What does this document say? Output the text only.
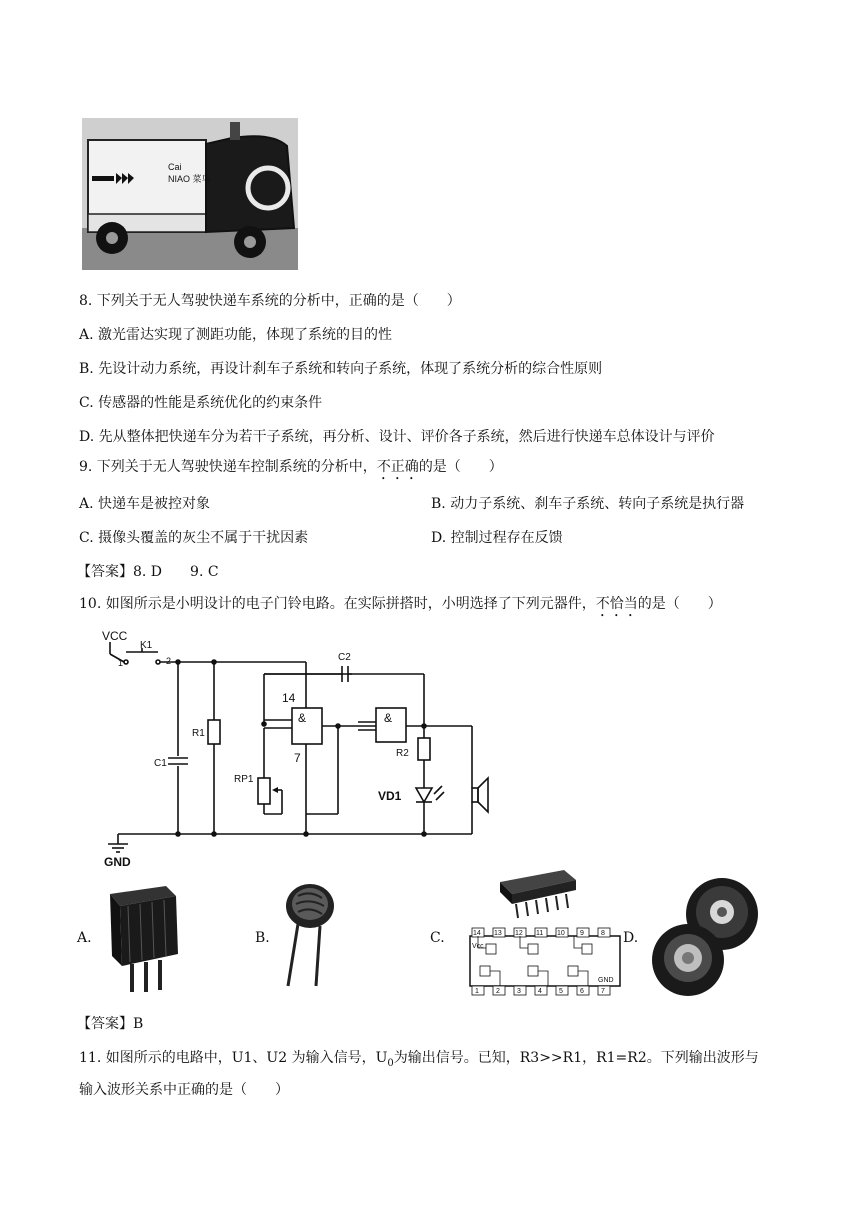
Cai
NIAO 菜鸟
8. 下列关于无人驾驶快递车系统的分析中，正确的是（　　）
A. 激光雷达实现了测距功能，体现了系统的目的性
B. 先设计动力系统，再设计刹车子系统和转向子系统，体现了系统分析的综合性原则
C. 传感器的性能是系统优化的约束条件
D. 先从整体把快递车分为若干子系统，再分析、设计、评价各子系统，然后进行快递车总体设计与评价
9. 下列关于无人驾驶快递车控制系统的分析中，不正确的是（　　）
A. 快递车是被控对象	B. 动力子系统、刹车子系统、转向子系统是执行器
C. 摄像头覆盖的灰尘不属于干扰因素	D. 控制过程存在反馈
【答案】8. D　　9. C
10. 如图所示是小明设计的电子门铃电路。在实际拼搭时，小明选择了下列元器件，不恰当的是（　　）
VCC
K1
1	2
C1
R1
&
14
7
RP1
C2
&
R2
VD1
GND
A.	B.	C.	14 13 12 11 10 9 8
1 2 3 4 5 6 7
Vcc
GND
D.
【答案】B
11. 如图所示的电路中，U1、U2 为输入信号，$U_0$为输出信号。已知，R3>>R1，R1=R2。下列输出波形与
输入波形关系中正确的是（　　）
